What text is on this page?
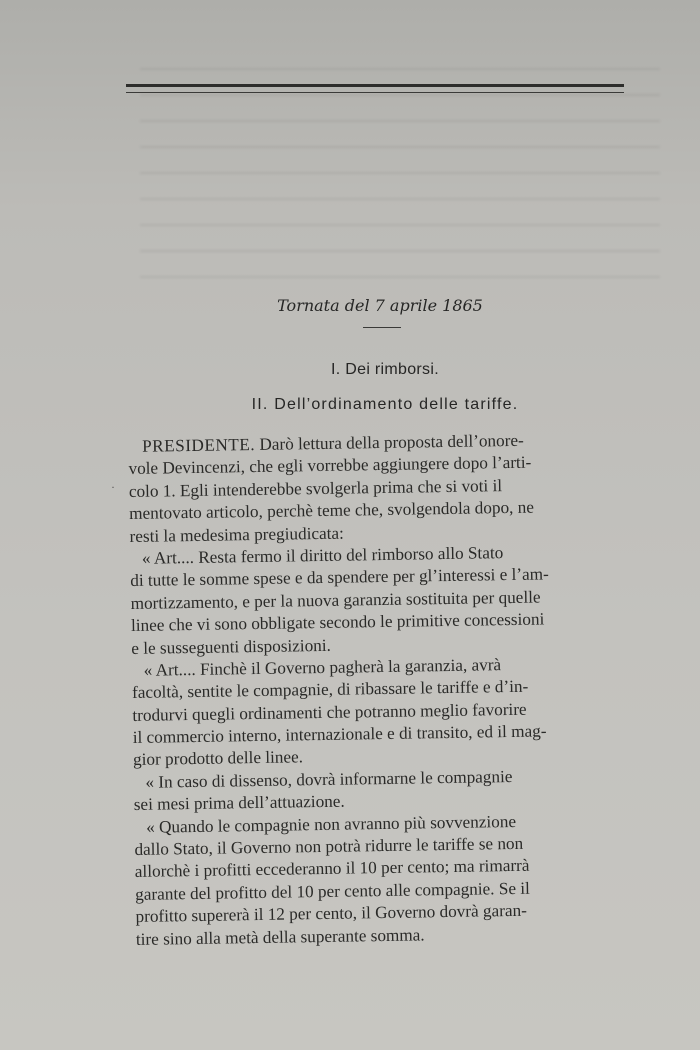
Tornata del 7 aprile 1865
I. Dei rimborsi.
II. Dell’ordinamento delle tariffe.
·
PRESIDENTE. Darò lettura della proposta dell’onore-
vole Devincenzi, che egli vorrebbe aggiungere dopo l’arti-
colo 1. Egli intenderebbe svolgerla prima che si voti il
mentovato articolo, perchè teme che, svolgendola dopo, ne
resti la medesima pregiudicata:
« Art.... Resta fermo il diritto del rimborso allo Stato
di tutte le somme spese e da spendere per gl’interessi e l’am-
mortizzamento, e per la nuova garanzia sostituita per quelle
linee che vi sono obbligate secondo le primitive concessioni
e le susseguenti disposizioni.
« Art.... Finchè il Governo pagherà la garanzia, avrà
facoltà, sentite le compagnie, di ribassare le tariffe e d’in-
trodurvi quegli ordinamenti che potranno meglio favorire
il commercio interno, internazionale e di transito, ed il mag-
gior prodotto delle linee.
« In caso di dissenso, dovrà informarne le compagnie
sei mesi prima dell’attuazione.
« Quando le compagnie non avranno più sovvenzione
dallo Stato, il Governo non potrà ridurre le tariffe se non
allorchè i profitti eccederanno il 10 per cento; ma rimarrà
garante del profitto del 10 per cento alle compagnie. Se il
profitto supererà il 12 per cento, il Governo dovrà garan-
tire sino alla metà della superante somma.
